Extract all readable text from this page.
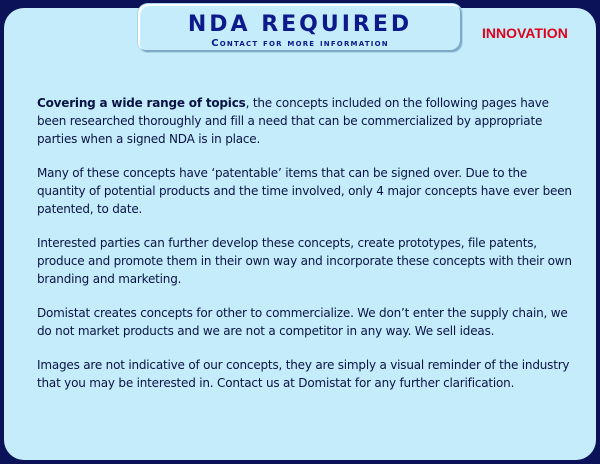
NDA REQUIRED
Contact for more information
INNOVATION

Covering a wide range of topics, the concepts included on the following pages have been researched thoroughly and fill a need that can be commercialized by appropriate parties when a signed NDA is in place.

Many of these concepts have ‘patentable’ items that can be signed over. Due to the quantity of potential products and the time involved, only 4 major concepts have ever been patented, to date.

Interested parties can further develop these concepts, create prototypes, file patents, produce and promote them in their own way and incorporate these concepts with their own branding and marketing.

Domistat creates concepts for other to commercialize. We don’t enter the supply chain, we do not market products and we are not a competitor in any way. We sell ideas.

Images are not indicative of our concepts, they are simply a visual reminder of the industry that you may be interested in. Contact us at Domistat for any further clarification.
